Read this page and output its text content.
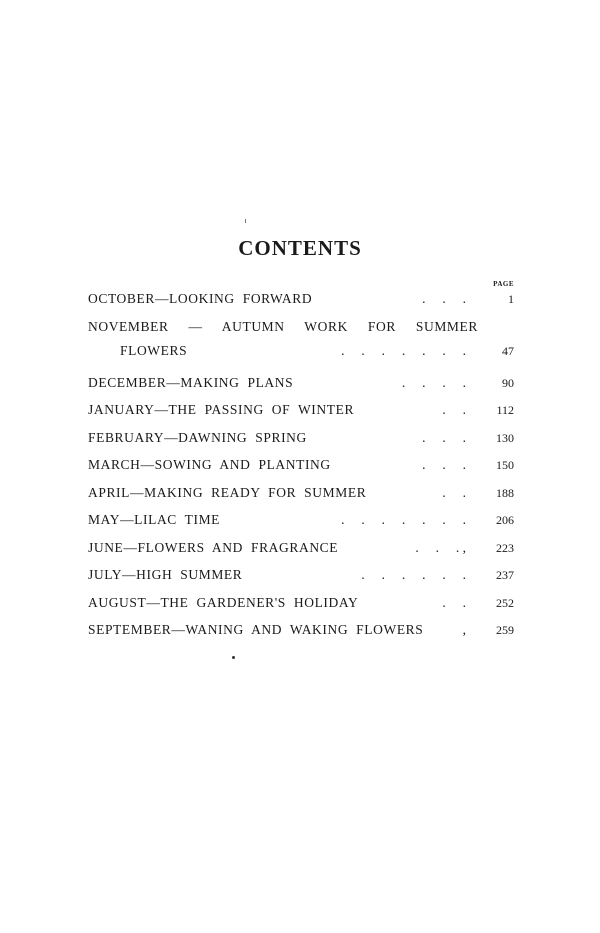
CONTENTS
PAGE
OCTOBER—LOOKING FORWARD	.     .     .	1
NOVEMBER — AUTUMN WORK FOR SUMMER
FLOWERS	.     .     .     .     .     .     .	47
DECEMBER—MAKING PLANS	.     .     .     .	90
JANUARY—THE PASSING OF WINTER	.     .	112
FEBRUARY—DAWNING SPRING	.     .     .	130
MARCH—SOWING AND PLANTING	.     .     .	150
APRIL—MAKING READY FOR SUMMER	.     .	188
MAY—LILAC TIME	.     .     .     .     .     .     .	206
JUNE—FLOWERS AND FRAGRANCE	.     .     . ,	223
JULY—HIGH SUMMER	.     .     .     .     .     .	237
AUGUST—THE GARDENER'S HOLIDAY	.     .	252
SEPTEMBER—WANING AND WAKING FLOWERS	,	259
